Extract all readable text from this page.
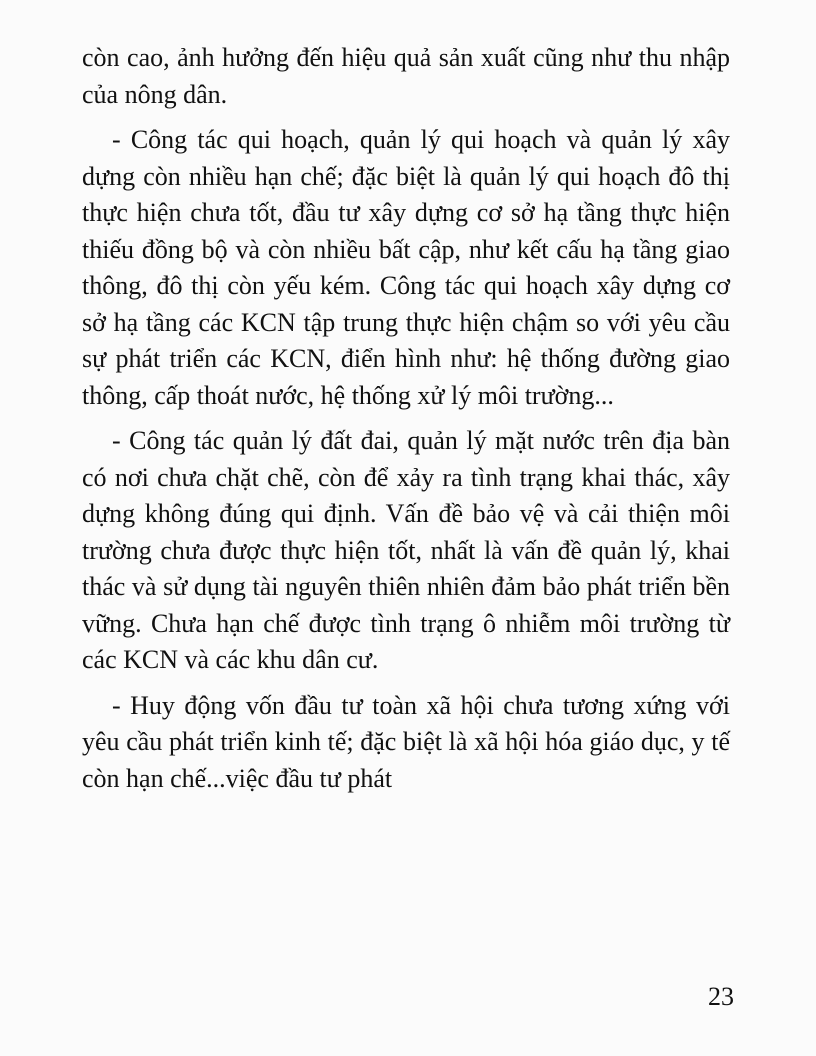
còn cao, ảnh hưởng đến hiệu quả sản xuất cũng như thu nhập của nông dân.

- Công tác qui hoạch, quản lý qui hoạch và quản lý xây dựng còn nhiều hạn chế; đặc biệt là quản lý qui hoạch đô thị thực hiện chưa tốt, đầu tư xây dựng cơ sở hạ tầng thực hiện thiếu đồng bộ và còn nhiều bất cập, như kết cấu hạ tầng giao thông, đô thị còn yếu kém. Công tác qui hoạch xây dựng cơ sở hạ tầng các KCN tập trung thực hiện chậm so với yêu cầu sự phát triển các KCN, điển hình như: hệ thống đường giao thông, cấp thoát nước, hệ thống xử lý môi trường...

- Công tác quản lý đất đai, quản lý mặt nước trên địa bàn có nơi chưa chặt chẽ, còn để xảy ra tình trạng khai thác, xây dựng không đúng qui định. Vấn đề bảo vệ và cải thiện môi trường chưa được thực hiện tốt, nhất là vấn đề quản lý, khai thác và sử dụng tài nguyên thiên nhiên đảm bảo phát triển bền vững. Chưa hạn chế được tình trạng ô nhiễm môi trường từ các KCN và các khu dân cư.

- Huy động vốn đầu tư toàn xã hội chưa tương xứng với yêu cầu phát triển kinh tế; đặc biệt là xã hội hóa giáo dục, y tế còn hạn chế...việc đầu tư phát

23
